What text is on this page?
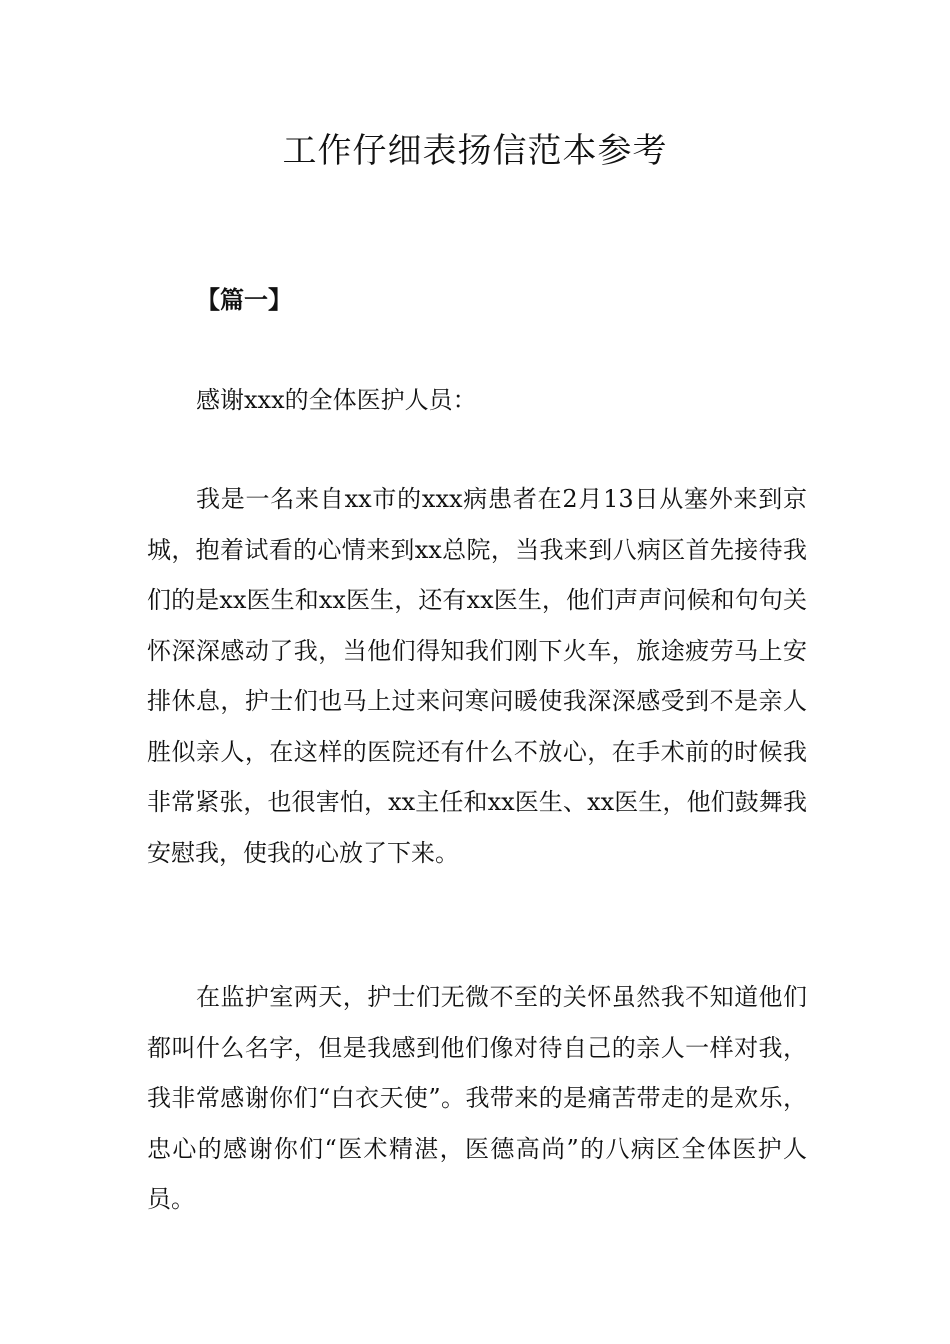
工作仔细表扬信范本参考

【篇一】

感谢xxx的全体医护人员：

我是一名来自xx市的xxx病患者在2月13日从塞外来到京城，抱着试看的心情来到xx总院，当我来到八病区首先接待我们的是xx医生和xx医生，还有xx医生，他们声声问候和句句关怀深深感动了我，当他们得知我们刚下火车，旅途疲劳马上安排休息，护士们也马上过来问寒问暖使我深深感受到不是亲人胜似亲人，在这样的医院还有什么不放心，在手术前的时候我非常紧张，也很害怕，xx主任和xx医生、xx医生，他们鼓舞我安慰我，使我的心放了下来。

在监护室两天，护士们无微不至的关怀虽然我不知道他们都叫什么名字，但是我感到他们像对待自己的亲人一样对我，我非常感谢你们“白衣天使”。我带来的是痛苦带走的是欢乐，忠心的感谢你们“医术精湛，医德高尚”的八病区全体医护人员。
